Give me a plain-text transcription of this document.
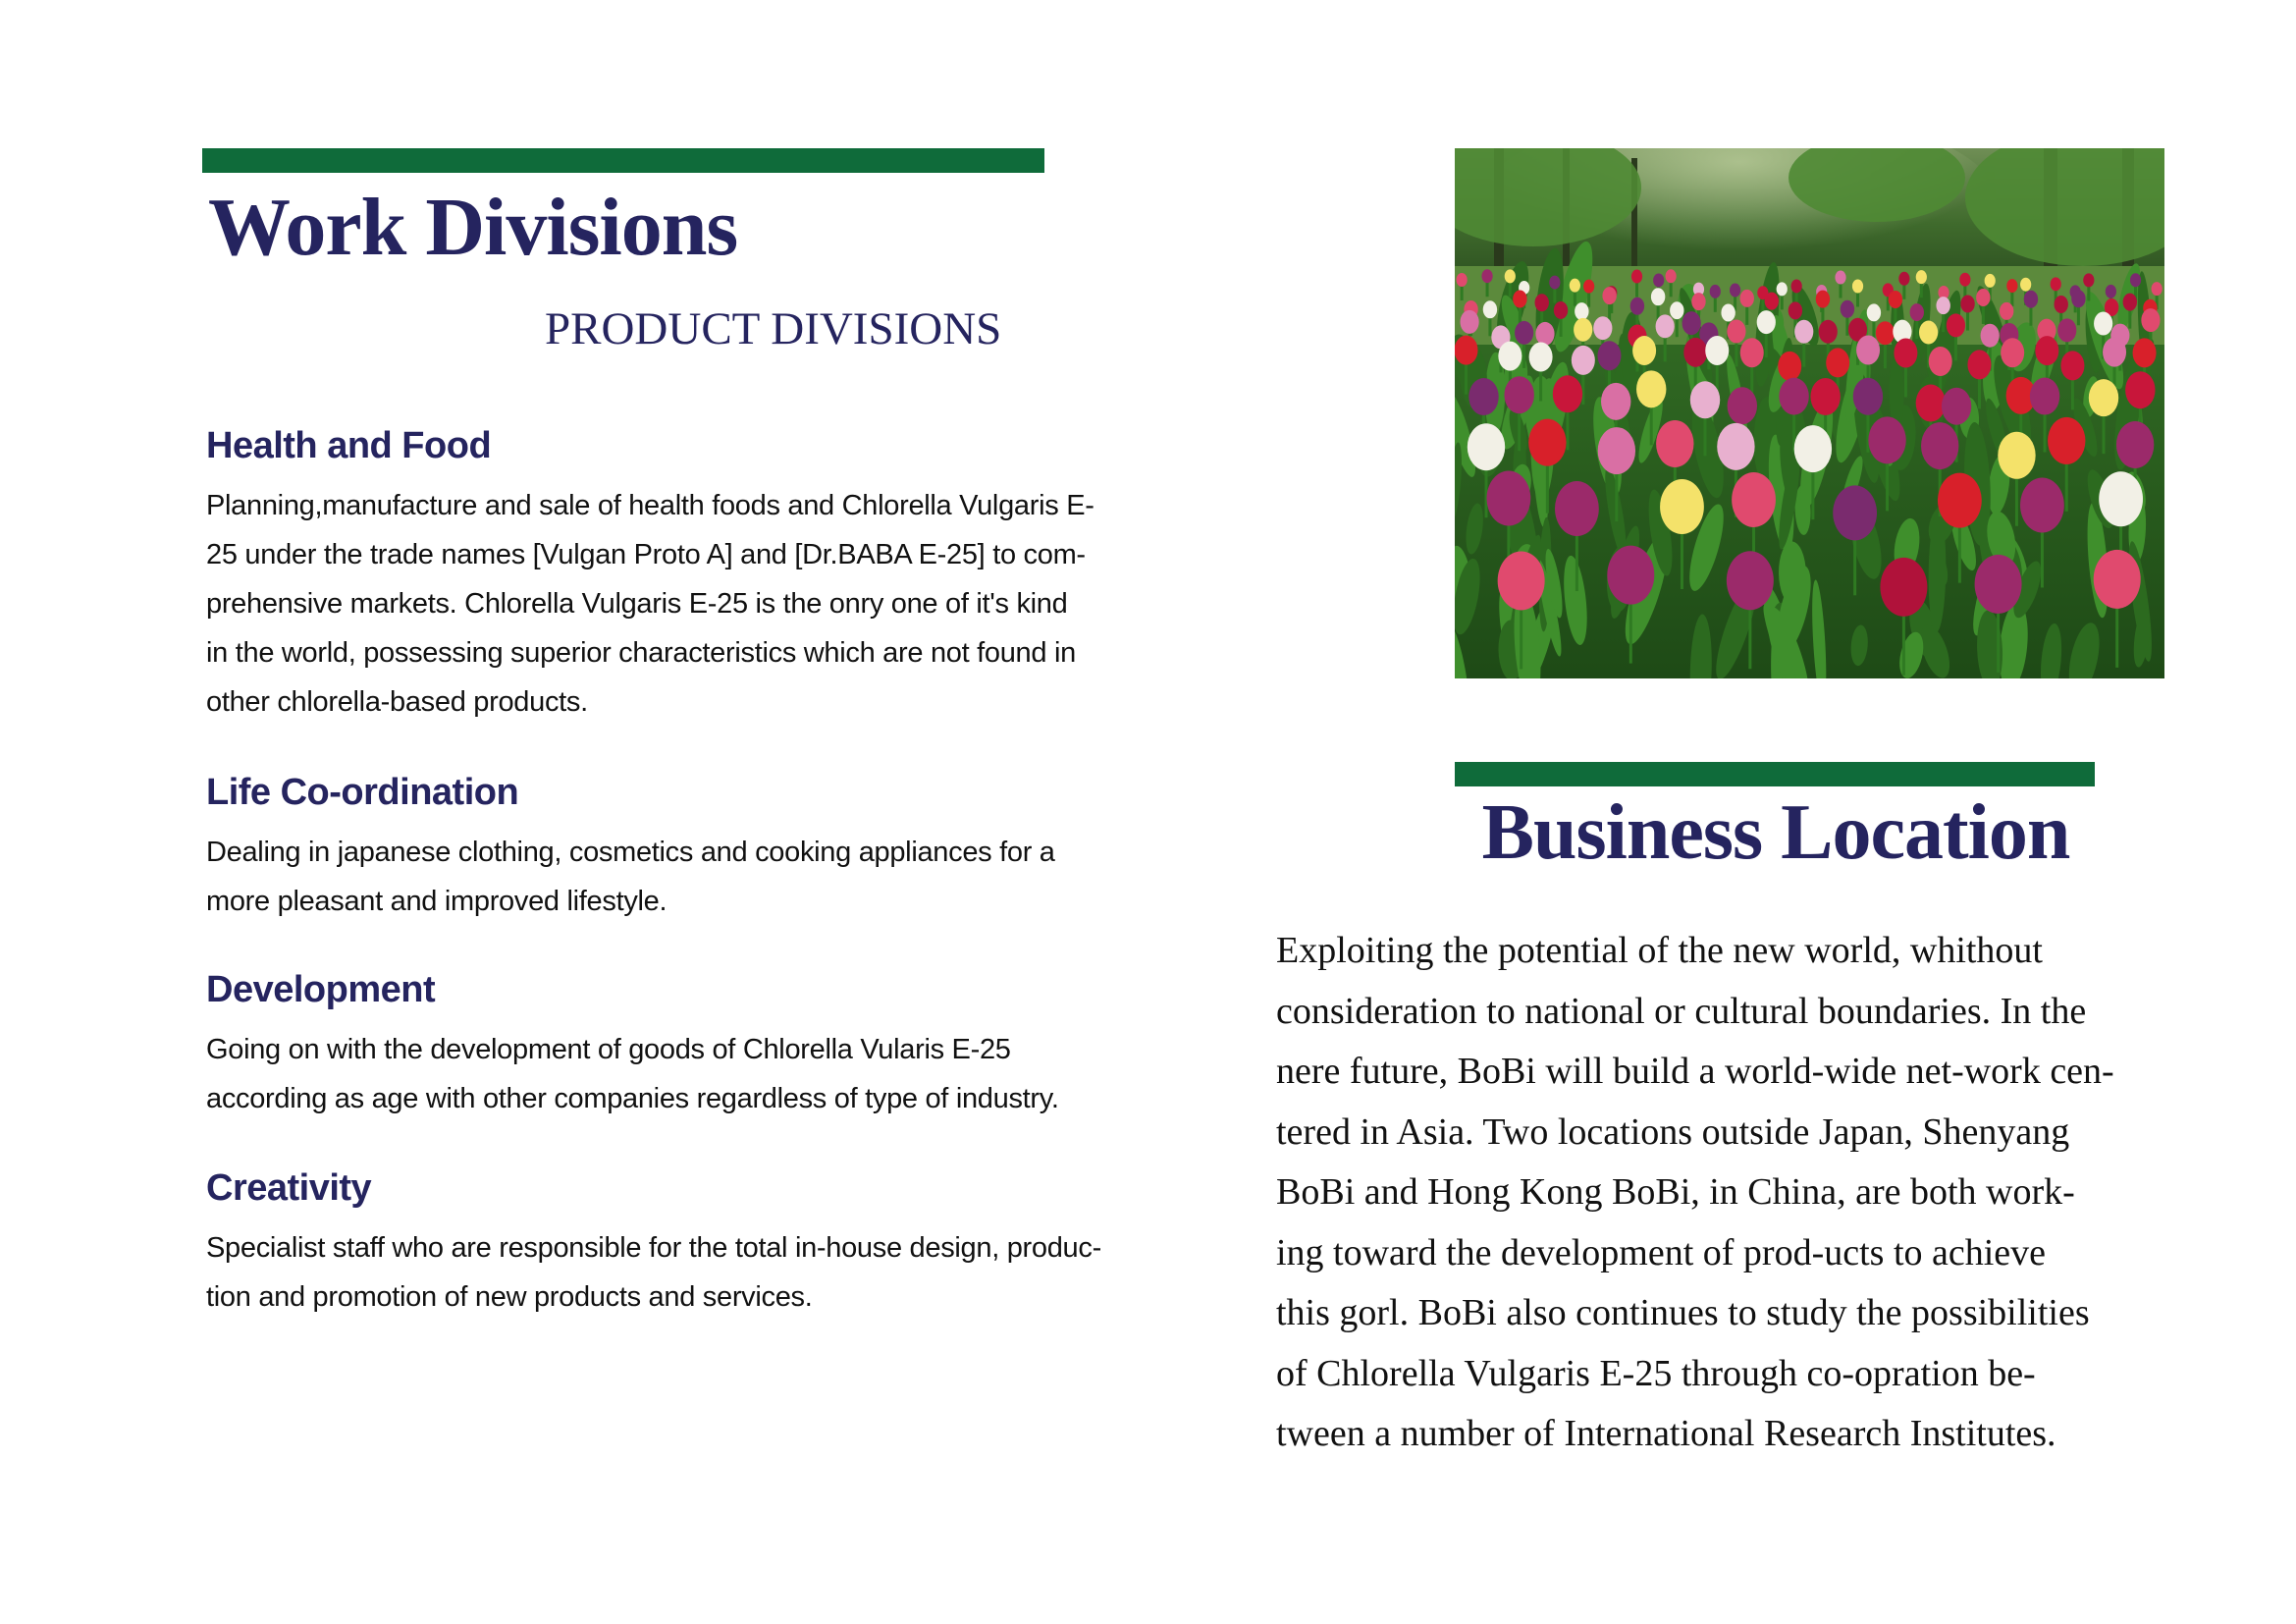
Work Divisions
PRODUCT DIVISIONS
Health and Food

Planning,manufacture and sale of health foods and Chlorella Vulgaris E-
25 under the trade names [Vulgan Proto A] and [Dr.BABA E-25] to com-
prehensive markets. Chlorella Vulgaris E-25 is the onry one of it's kind
in the world, possessing superior characteristics which are not found in
other chlorella-based products.

Life Co-ordination

Dealing in japanese clothing, cosmetics and cooking appliances for a
more pleasant and improved lifestyle.

Development

Going on with the development of goods of Chlorella Vularis E-25
according as age with other companies regardless of type of industry.

Creativity

Specialist staff who are responsible for the total in-house design, produc-
tion and promotion of new products and services.

Business Location
Exploiting the potential of the new world, whithout
consideration to national or cultural boundaries. In the
nere future, BoBi will build a world-wide net-work cen-
tered in Asia. Two locations outside Japan, Shenyang
BoBi and Hong Kong BoBi, in China, are both work-
ing toward the development of prod-ucts to achieve
this gorl. BoBi also continues to study the possibilities
of Chlorella Vulgaris E-25 through co-opration be-
tween a number of International Research Institutes.
